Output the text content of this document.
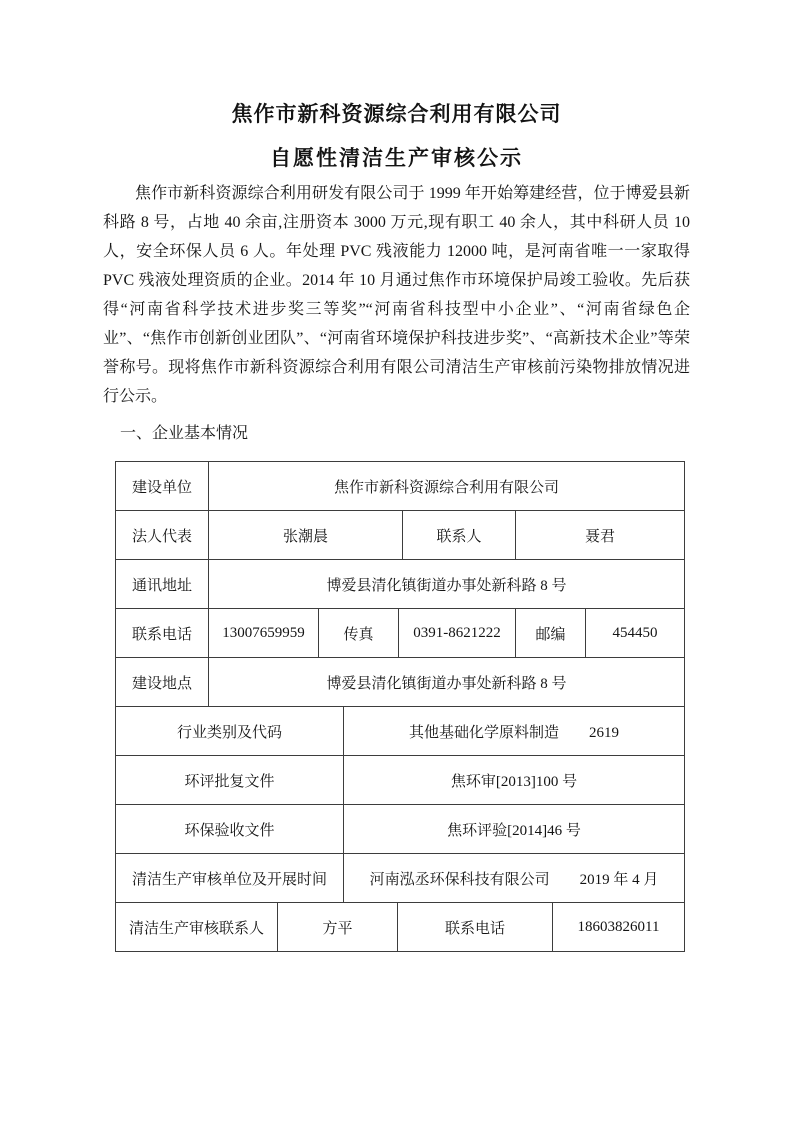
焦作市新科资源综合利用有限公司
自愿性清洁生产审核公示

焦作市新科资源综合利用研发有限公司于 1999 年开始筹建经营，位于博爱县新科路 8 号，占地 40 余亩,注册资本 3000 万元,现有职工 40 余人，其中科研人员 10 人，安全环保人员 6 人。年处理 PVC 残液能力 12000 吨，是河南省唯一一家取得 PVC 残液处理资质的企业。2014 年 10 月通过焦作市环境保护局竣工验收。先后获得“河南省科学技术进步奖三等奖”“河南省科技型中小企业”、“河南省绿色企业”、“焦作市创新创业团队”、“河南省环境保护科技进步奖”、“高新技术企业”等荣誉称号。现将焦作市新科资源综合利用有限公司清洁生产审核前污染物排放情况进行公示。

一、企业基本情况

建设单位	焦作市新科资源综合利用有限公司
法人代表	张潮晨	联系人	聂君
通讯地址	博爱县清化镇街道办事处新科路 8 号
联系电话	13007659959	传真	0391-8621222	邮编	454450
建设地点	博爱县清化镇街道办事处新科路 8 号
行业类别及代码	其他基础化学原料制造　　2619
环评批复文件	焦环审[2013]100 号
环保验收文件	焦环评验[2014]46 号
清洁生产审核单位及开展时间	河南泓丞环保科技有限公司　　2019 年 4 月
清洁生产审核联系人	方平	联系电话	18603826011
